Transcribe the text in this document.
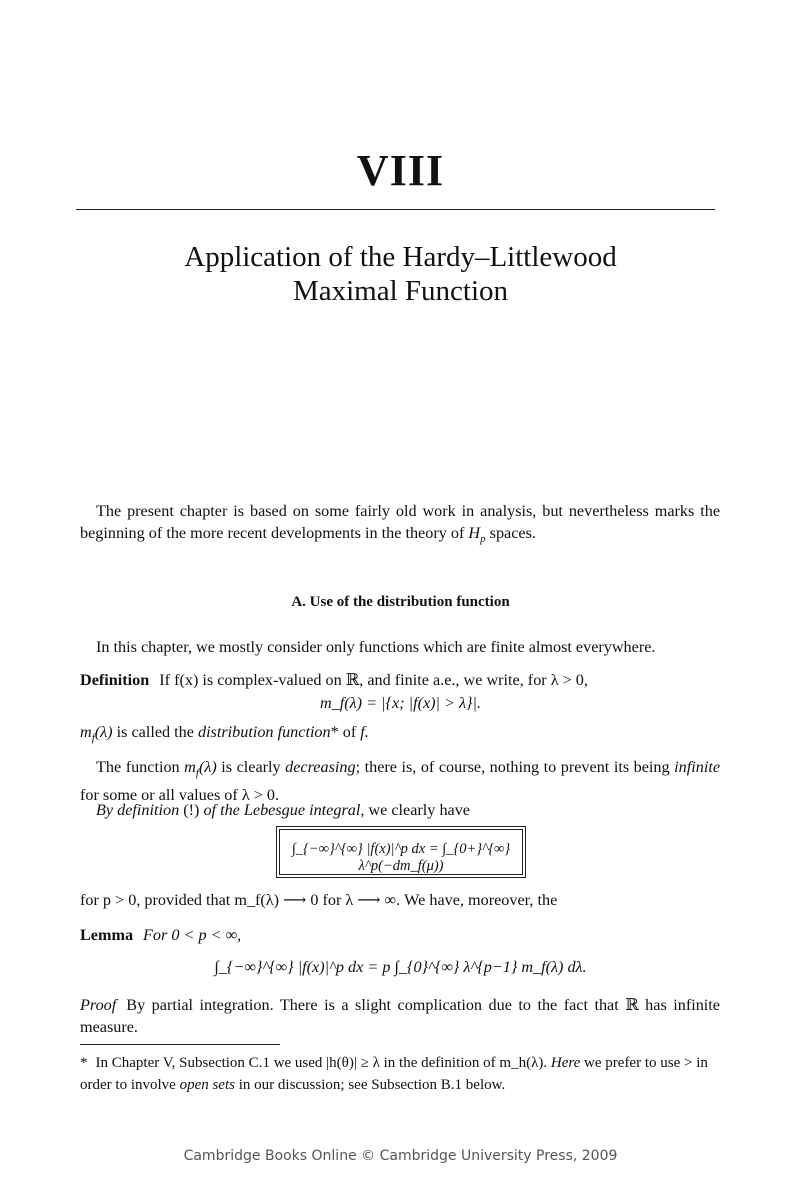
VIII
Application of the Hardy–Littlewood
Maximal Function
The present chapter is based on some fairly old work in analysis, but nevertheless marks the beginning of the more recent developments in the theory of $H_p$ spaces.
A. Use of the distribution function
In this chapter, we mostly consider only functions which are finite almost everywhere.
Definition If f(x) is complex-valued on ℝ, and finite a.e., we write, for λ > 0,
m_f(λ) = |{x; |f(x)| > λ}|.
$m_f(\lambda)$ is called the distribution function* of f.
The function $m_f(\lambda)$ is clearly decreasing; there is, of course, nothing to prevent its being infinite for some or all values of λ > 0.
By definition (!) of the Lebesgue integral, we clearly have
∫_{−∞}^{∞} |f(x)|^p dx = ∫_{0+}^{∞} λ^p(−dm_f(μ))
for p > 0, provided that m_f(λ) ⟶ 0 for λ ⟶ ∞. We have, moreover, the
Lemma For 0 < p < ∞,
∫_{−∞}^{∞} |f(x)|^p dx = p ∫_{0}^{∞} λ^{p−1} m_f(λ) dλ.
Proof By partial integration. There is a slight complication due to the fact that ℝ has infinite measure.
* In Chapter V, Subsection C.1 we used |h(θ)| ≥ λ in the definition of m_h(λ). Here we prefer to use > in order to involve open sets in our discussion; see Subsection B.1 below.
Cambridge Books Online © Cambridge University Press, 2009
